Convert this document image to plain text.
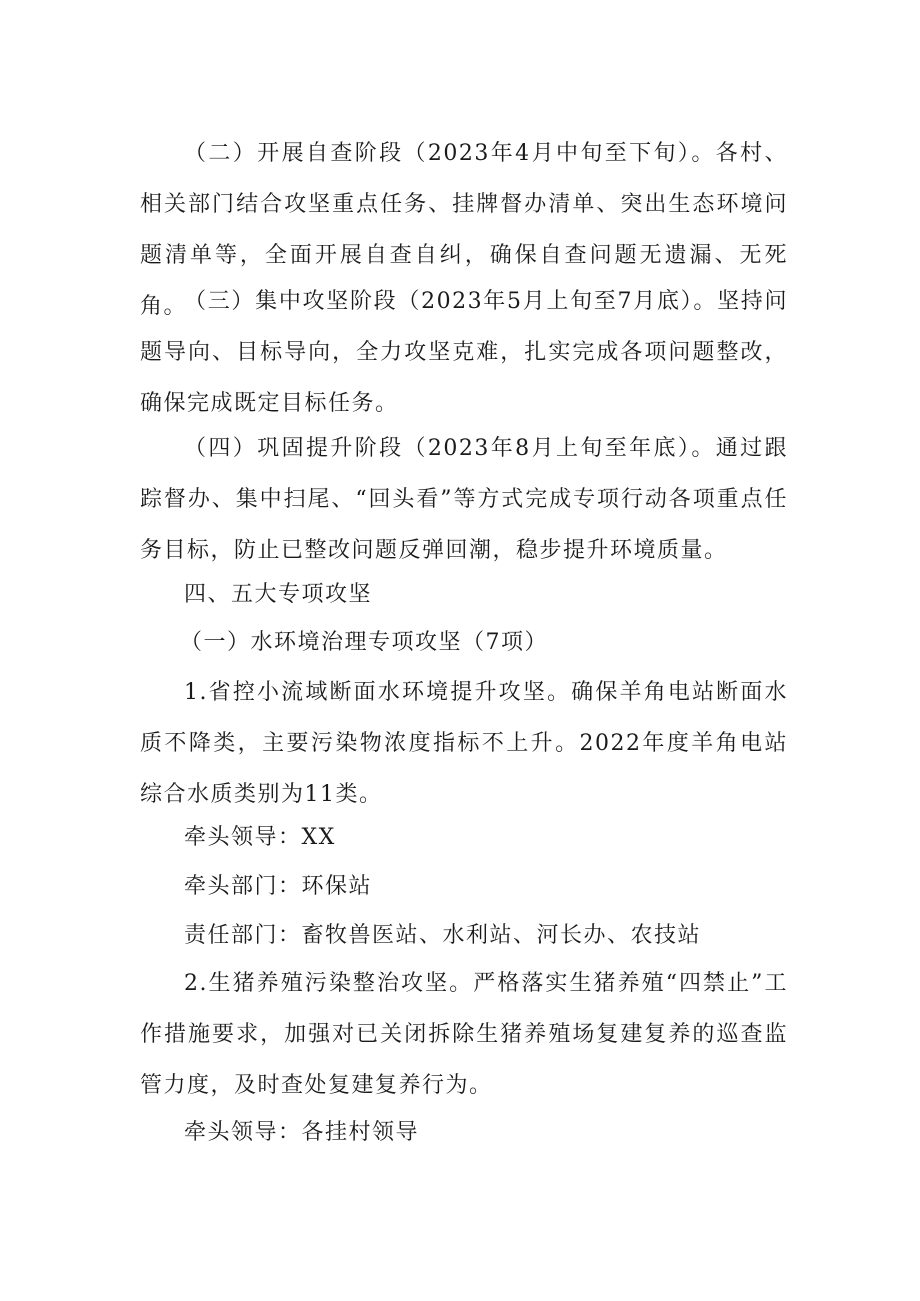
（二）开展自查阶段（2023年4月中旬至下旬）。各村、相关部门结合攻坚重点任务、挂牌督办清单、突出生态环境问题清单等，全面开展自查自纠，确保自查问题无遗漏、无死角。

（三）集中攻坚阶段（2023年5月上旬至7月底）。坚持问题导向、目标导向，全力攻坚克难，扎实完成各项问题整改，确保完成既定目标任务。

（四）巩固提升阶段（2023年8月上旬至年底）。通过跟踪督办、集中扫尾、“回头看”等方式完成专项行动各项重点任务目标，防止已整改问题反弹回潮，稳步提升环境质量。

四、五大专项攻坚

（一）水环境治理专项攻坚（7项）

1.省控小流域断面水环境提升攻坚。确保羊角电站断面水质不降类，主要污染物浓度指标不上升。2022年度羊角电站综合水质类别为11类。

牵头领导：XX

牵头部门：环保站

责任部门：畜牧兽医站、水利站、河长办、农技站

2.生猪养殖污染整治攻坚。严格落实生猪养殖“四禁止”工作措施要求，加强对已关闭拆除生猪养殖场复建复养的巡查监管力度，及时查处复建复养行为。

牵头领导：各挂村领导
